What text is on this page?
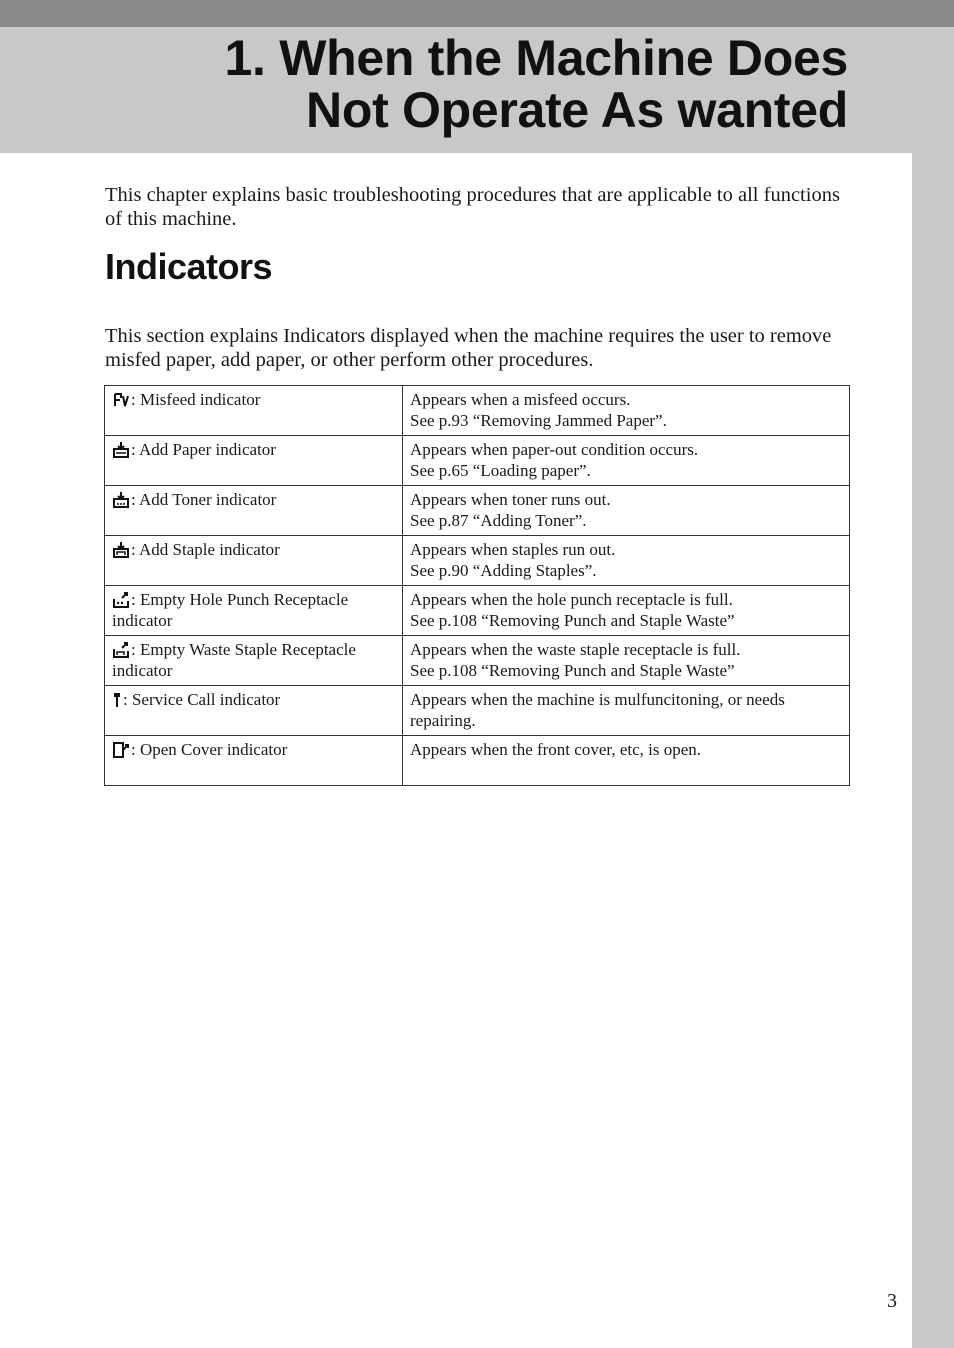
1. When the Machine Does
Not Operate As wanted

This chapter explains basic troubleshooting procedures that are applicable to all functions of this machine.

Indicators

This section explains Indicators displayed when the machine requires the user to remove misfed paper, add paper, or other perform other procedures.

: Misfeed indicator	Appears when a misfeed occurs.
See p.93 “Removing Jammed Paper”.

: Add Paper indicator	Appears when paper-out condition occurs.
See p.65 “Loading paper”.

: Add Toner indicator	Appears when toner runs out.
See p.87 “Adding Toner”.

: Add Staple indicator	Appears when staples run out.
See p.90 “Adding Staples”.

: Empty Hole Punch Receptacle indicator	Appears when the hole punch receptacle is full.
See p.108 “Removing Punch and Staple Waste”

: Empty Waste Staple Receptacle indicator	Appears when the waste staple receptacle is full.
See p.108 “Removing Punch and Staple Waste”

: Service Call indicator	Appears when the machine is mulfuncitoning, or needs repairing.

: Open Cover indicator	Appears when the front cover, etc, is open.
3
